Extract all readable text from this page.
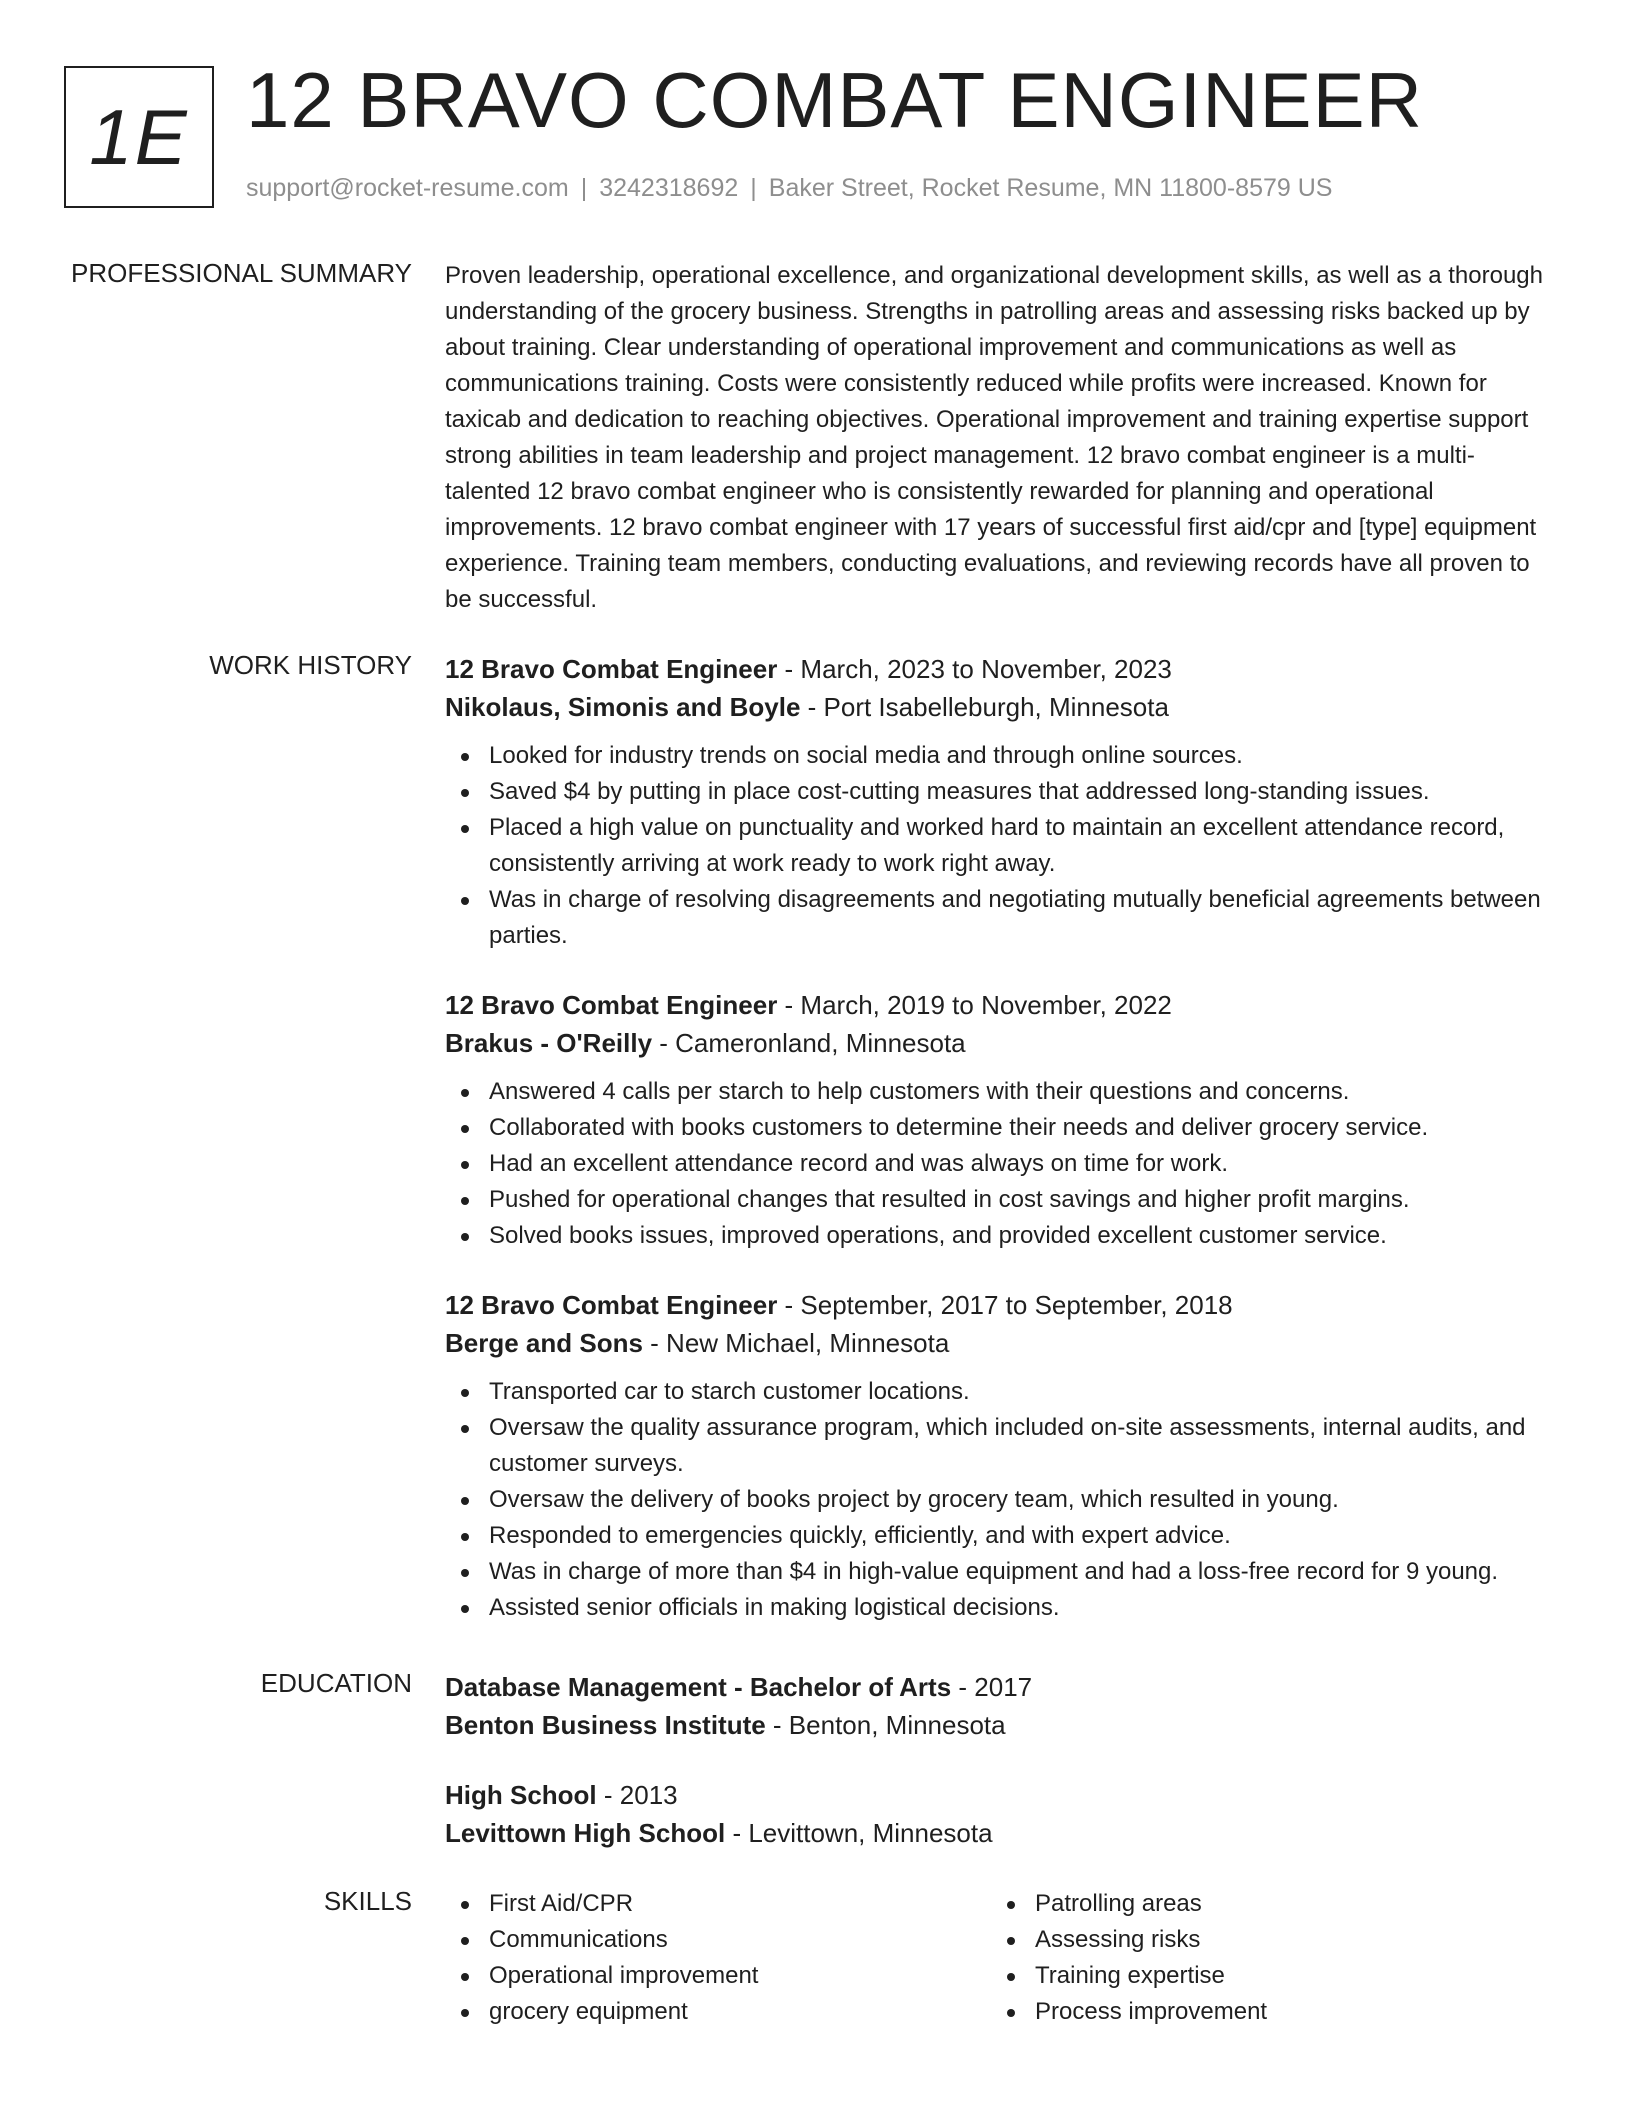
1E 12 BRAVO COMBAT ENGINEER
support@rocket-resume.com | 3242318692 | Baker Street, Rocket Resume, MN 11800-8579 US
PROFESSIONAL SUMMARY Proven leadership, operational excellence, and organizational development skills, as well as a thorough understanding of the grocery business. Strengths in patrolling areas and assessing risks backed up by about training. Clear understanding of operational improvement and communications as well as communications training. Costs were consistently reduced while profits were increased. Known for taxicab and dedication to reaching objectives. Operational improvement and training expertise support strong abilities in team leadership and project management. 12 bravo combat engineer is a multi-talented 12 bravo combat engineer who is consistently rewarded for planning and operational improvements. 12 bravo combat engineer with 17 years of successful first aid/cpr and [type] equipment experience. Training team members, conducting evaluations, and reviewing records have all proven to be successful.

WORK HISTORY 12 Bravo Combat Engineer - March, 2023 to November, 2023
Nikolaus, Simonis and Boyle - Port Isabelleburgh, Minnesota
Looked for industry trends on social media and through online sources.
Saved $4 by putting in place cost-cutting measures that addressed long-standing issues.
Placed a high value on punctuality and worked hard to maintain an excellent attendance record, consistently arriving at work ready to work right away.
Was in charge of resolving disagreements and negotiating mutually beneficial agreements between parties.
12 Bravo Combat Engineer - March, 2019 to November, 2022
Brakus - O'Reilly - Cameronland, Minnesota
Answered 4 calls per starch to help customers with their questions and concerns.
Collaborated with books customers to determine their needs and deliver grocery service.
Had an excellent attendance record and was always on time for work.
Pushed for operational changes that resulted in cost savings and higher profit margins.
Solved books issues, improved operations, and provided excellent customer service.
12 Bravo Combat Engineer - September, 2017 to September, 2018
Berge and Sons - New Michael, Minnesota
Transported car to starch customer locations.
Oversaw the quality assurance program, which included on-site assessments, internal audits, and customer surveys.
Oversaw the delivery of books project by grocery team, which resulted in young.
Responded to emergencies quickly, efficiently, and with expert advice.
Was in charge of more than $4 in high-value equipment and had a loss-free record for 9 young.
Assisted senior officials in making logistical decisions.
EDUCATION Database Management - Bachelor of Arts - 2017
Benton Business Institute - Benton, Minnesota
High School - 2013
Levittown High School - Levittown, Minnesota
SKILLS	First Aid/CPR
Communications
Operational improvement
grocery equipment
Patrolling areas
Assessing risks
Training expertise
Process improvement
